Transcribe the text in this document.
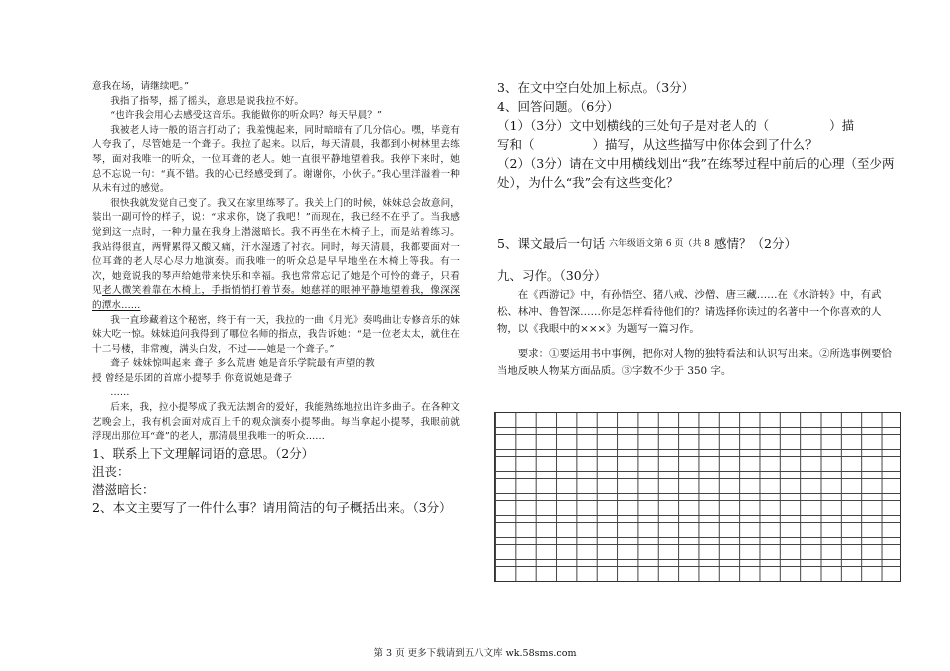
意我在场，请继续吧。”

我指了指琴，摇了摇头，意思是说我拉不好。

“也许我会用心去感受这音乐。我能做你的听众吗？每天早晨？”

我被老人诗一般的语言打动了；我羞愧起来，同时暗暗有了几分信心。嘿，毕竟有人夸我了，尽管她是一个聋子。我拉了起来。以后，每天清晨，我都到小树林里去练琴，面对我唯一的听众，一位耳聋的老人。她一直很平静地望着我。我停下来时，她总不忘说一句：“真不错。我的心已经感受到了。谢谢你，小伙子。”我心里洋溢着一种从未有过的感觉。

很快我就发觉自己变了。我又在家里练琴了。我关上门的时候，妹妹总会故意问，装出一副可怜的样子，说：“求求你，饶了我吧！”而现在，我已经不在乎了。当我感觉到这一点时，一种力量在我身上潜滋暗长。我不再坐在木椅子上，而是站着练习。我站得很直，两臂累得又酸又痛，汗水湿透了衬衣。同时，每天清晨，我都要面对一位耳聋的老人尽心尽力地演奏。而我唯一的听众总是早早地坐在木椅上等我。有一次，她竟说我的琴声给她带来快乐和幸福。我也常常忘记了她是个可怜的聋子，只看见老人微笑着靠在木椅上，手指悄悄打着节奏。她慈祥的眼神平静地望着我，像深深的潭水……

我一直珍藏着这个秘密，终于有一天，我拉的一曲《月光》奏鸣曲让专修音乐的妹妹大吃一惊。妹妹追问我得到了哪位名师的指点，我告诉她：“是一位老太太，就住在十二号楼，非常瘦，满头白发，不过——她是一个聋子。”

聋子 妹妹惊叫起来 聋子 多么荒唐 她是音乐学院最有声望的教

授 曾经是乐团的首席小提琴手 你竟说她是聋子

……

后来，我，拉小提琴成了我无法割舍的爱好，我能熟练地拉出许多曲子。在各种文艺晚会上，我有机会面对成百上千的观众演奏小提琴曲。每当拿起小提琴，我眼前就浮现出那位耳“聋”的老人，那清晨里我唯一的听众……

1、联系上下文理解词语的意思。（2分）

沮丧：

潜滋暗长：

2、本文主要写了一件什么事？请用简洁的句子概括出来。（3分）

3、在文中空白处加上标点。（3分）

4、回答问题。（6分）

（1）（3分）文中划横线的三处句子是对老人的（	）描
写和（	）描写，从这些描写中你体会到了什么？

（2）（3分）请在文中用横线划出“我”在练琴过程中前后的心理（至少两处），为什么“我”会有这些变化？

5、课文最后一句话 六年级语文第 6 页（共 8 感情？（2分）

九、习作。（30分）

在《西游记》中，有孙悟空、猪八戒、沙僧、唐三藏……在《水浒转》中，有武松、林冲、鲁智深……你是怎样看待他们的？请选择你读过的名著中一个你喜欢的人物，以《我眼中的×××》为题写一篇习作。

要求：①要运用书中事例，把你对人物的独特看法和认识写出来。②所选事例要恰当地反映人物某方面品质。③字数不少于 350 字。

第 3 页 更多下载请到五八文库 wk.58sms.com
